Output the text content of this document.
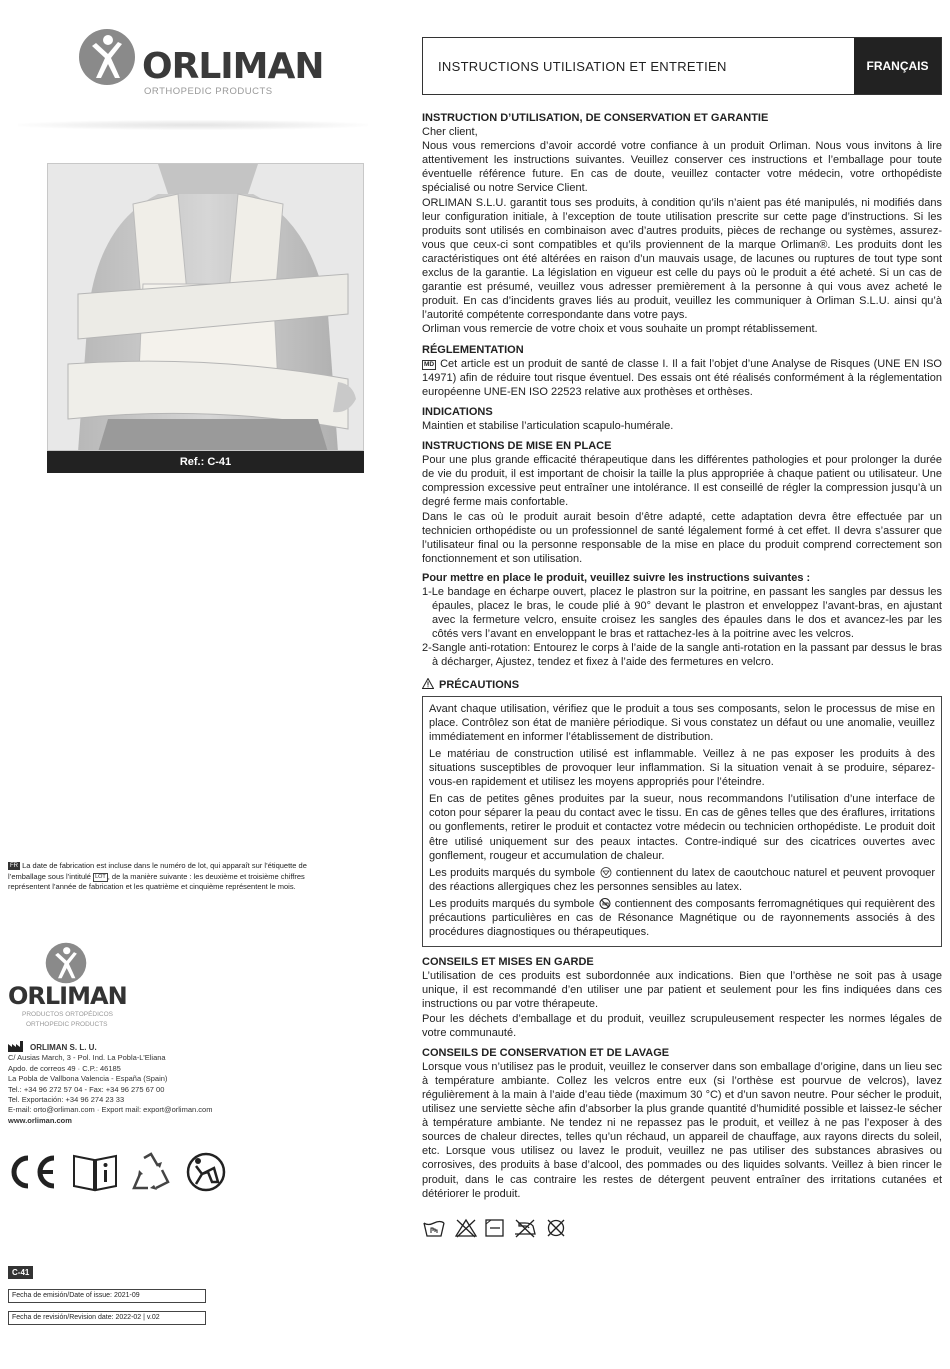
ORLIMAN
ORTHOPEDIC PRODUCTS
Ref.: C-41
FR La date de fabrication est incluse dans le numéro de lot, qui apparaît sur l’étiquette de l’emballage sous l’intitulé LOT , de la manière suivante : les deuxième et troisième chiffres représentent l’année de fabrication et les quatrième et cinquième représentent le mois.
ORLIMAN
PRODUCTOS ORTOPÉDICOS
ORTHOPEDIC PRODUCTS
ORLIMAN S. L. U.
C/ Ausias March, 3 - Pol. Ind. La Pobla-L’Eliana
Apdo. de correos 49 · C.P.: 46185
La Pobla de Vallbona Valencia - España (Spain)
Tel.: +34 96 272 57 04 - Fax: +34 96 275 67 00
Tel. Exportación: +34 96 274 23 33
E-mail: orto@orliman.com · Export mail: export@orliman.com
www.orliman.com
C-41
Fecha de emisión/Date of issue: 2021-09
Fecha de revisión/Revision date: 2022-02 | v.02
INSTRUCTIONS UTILISATION ET ENTRETIEN	FRANÇAIS
INSTRUCTION D’UTILISATION, DE CONSERVATION ET GARANTIE

Cher client,

Nous vous remercions d’avoir accordé votre confiance à un produit Orliman. Nous vous invitons à lire attentivement les instructions suivantes. Veuillez conserver ces instructions et l’emballage pour toute éventuelle référence future. En cas de doute, veuillez contacter votre médecin, votre orthopédiste spécialisé ou notre Service Client.

ORLIMAN S.L.U. garantit tous ses produits, à condition qu’ils n’aient pas été manipulés, ni modifiés dans leur configuration initiale, à l’exception de toute utilisation prescrite sur cette page d’instructions. Si les produits sont utilisés en combinaison avec d’autres produits, pièces de rechange ou systèmes, assurez-vous que ceux-ci sont compatibles et qu’ils proviennent de la marque Orliman®. Les produits dont les caractéristiques ont été altérées en raison d’un mauvais usage, de lacunes ou ruptures de tout type sont exclus de la garantie. La législation en vigueur est celle du pays où le produit a été acheté. Si un cas de garantie est présumé, veuillez vous adresser premièrement à la personne à qui vous avez acheté le produit. En cas d’incidents graves liés au produit, veuillez les communiquer à Orliman S.L.U. ainsi qu’à l’autorité compétente correspondante dans votre pays.

Orliman vous remercie de votre choix et vous souhaite un prompt rétablissement.

RÉGLEMENTATION

MD Cet article est un produit de santé de classe I. Il a fait l’objet d’une Analyse de Risques (UNE EN ISO 14971) afin de réduire tout risque éventuel. Des essais ont été réalisés conformément à la réglementation européenne UNE-EN ISO 22523 relative aux prothèses et orthèses.

INDICATIONS

Maintien et stabilise l’articulation scapulo-humérale.

INSTRUCTIONS DE MISE EN PLACE

Pour une plus grande efficacité thérapeutique dans les différentes pathologies et pour prolonger la durée de vie du produit, il est important de choisir la taille la plus appropriée à chaque patient ou utilisateur. Une compression excessive peut entraîner une intolérance. Il est conseillé de régler la compression jusqu’à un degré ferme mais confortable.

Dans le cas où le produit aurait besoin d’être adapté, cette adaptation devra être effectuée par un technicien orthopédiste ou un professionnel de santé légalement formé à cet effet. Il devra s’assurer que l’utilisateur final ou la personne responsable de la mise en place du produit comprend correctement son fonctionnement et son utilisation.

Pour mettre en place le produit, veuillez suivre les instructions suivantes :

1-Le bandage en écharpe ouvert, placez le plastron sur la poitrine, en passant les sangles par dessus les épaules, placez le bras, le coude plié à 90° devant le plastron et enveloppez l’avant-bras, en ajustant avec la fermeture velcro, ensuite croisez les sangles des épaules dans le dos et avancez-les par les côtés vers l’avant en enveloppant le bras et rattachez-les à la poitrine avec les velcros.
2-Sangle anti-rotation: Entourez le corps à l’aide de la sangle anti-rotation en la passant par dessus le bras à décharger, Ajustez, tendez et fixez à l’aide des fermetures en velcro.
PRÉCAUTIONS

Avant chaque utilisation, vérifiez que le produit a tous ses composants, selon le processus de mise en place. Contrôlez son état de manière périodique. Si vous constatez un défaut ou une anomalie, veuillez immédiatement en informer l’établissement de distribution.

Le matériau de construction utilisé est inflammable. Veillez à ne pas exposer les produits à des situations susceptibles de provoquer leur inflammation. Si la situation venait à se produire, séparez-vous-en rapidement et utilisez les moyens appropriés pour l’éteindre.

En cas de petites gênes produites par la sueur, nous recommandons l’utilisation d’une interface de coton pour séparer la peau du contact avec le tissu. En cas de gênes telles que des éraflures, irritations ou gonflements, retirer le produit et contactez votre médecin ou technicien orthopédiste. Le produit doit être utilisé uniquement sur des peaux intactes. Contre-indiqué sur des cicatrices ouvertes avec gonflement, rougeur et accumulation de chaleur.

Les produits marqués du symbole contiennent du latex de caoutchouc naturel et peuvent provoquer des réactions allergiques chez les personnes sensibles au latex.

Les produits marqués du symbole MR contiennent des composants ferromagnétiques qui requièrent des précautions particulières en cas de Résonance Magnétique ou de rayonnements associés à des procédures diagnostiques ou thérapeutiques.

CONSEILS ET MISES EN GARDE

L’utilisation de ces produits est subordonnée aux indications. Bien que l’orthèse ne soit pas à usage unique, il est recommandé d’en utiliser une par patient et seulement pour les fins indiquées dans ces instructions ou par votre thérapeute.

Pour les déchets d’emballage et du produit, veuillez scrupuleusement respecter les normes légales de votre communauté.

CONSEILS DE CONSERVATION ET DE LAVAGE

Lorsque vous n’utilisez pas le produit, veuillez le conserver dans son emballage d’origine, dans un lieu sec à température ambiante. Collez les velcros entre eux (si l’orthèse est pourvue de velcros), lavez régulièrement à la main à l’aide d’eau tiède (maximum 30 °C) et d’un savon neutre. Pour sécher le produit, utilisez une serviette sèche afin d’absorber la plus grande quantité d’humidité possible et laissez-le sécher à température ambiante. Ne tendez ni ne repassez pas le produit, et veillez à ne pas l’exposer à des sources de chaleur directes, telles qu’un réchaud, un appareil de chauffage, aux rayons directs du soleil, etc. Lorsque vous utilisez ou lavez le produit, veuillez ne pas utiliser des substances abrasives ou corrosives, des produits à base d’alcool, des pommades ou des liquides solvants. Veillez à bien rincer le produit, dans le cas contraire les restes de détergent peuvent entraîner des irritations cutanées et détériorer le produit.
